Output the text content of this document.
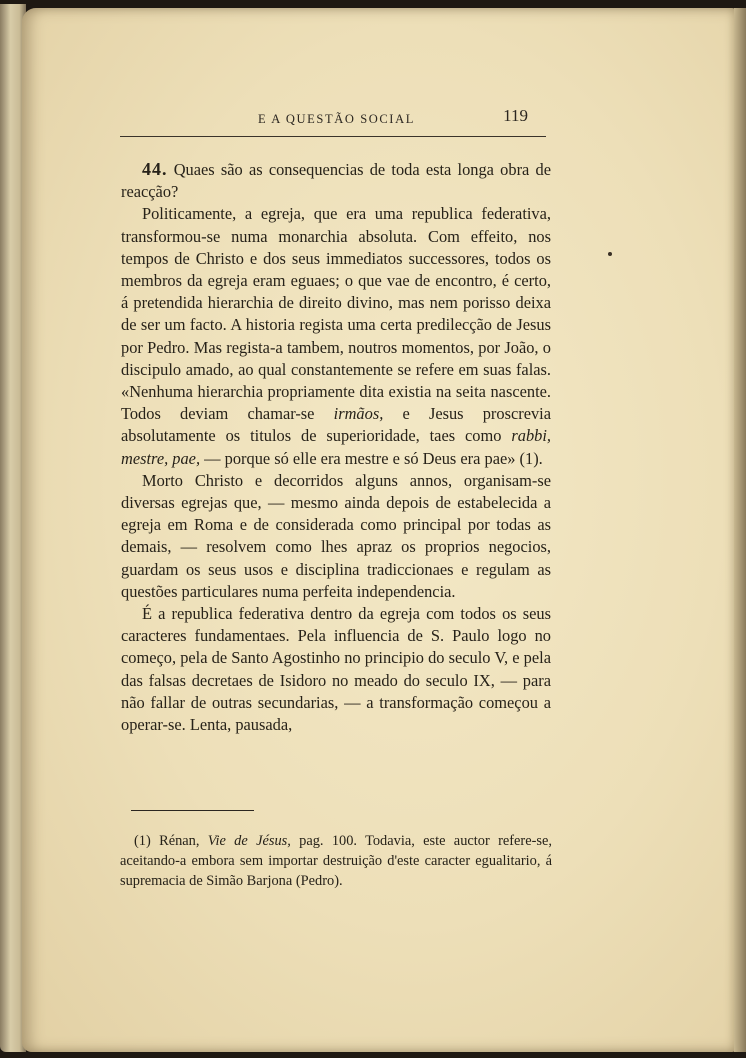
E A QUESTÃO SOCIAL	119

44. Quaes são as consequencias de toda esta longa obra de reacção?

Politicamente, a egreja, que era uma republica federativa, transformou-se numa monarchia absoluta. Com effeito, nos tempos de Christo e dos seus immediatos successores, todos os membros da egreja eram eguaes; o que vae de encontro, é certo, á pretendida hierarchia de direito divino, mas nem porisso deixa de ser um facto. A historia regista uma certa predilecção de Jesus por Pedro. Mas regista-a tambem, noutros momentos, por João, o discipulo amado, ao qual constantemente se refere em suas falas. «Nenhuma hierarchia propriamente dita existia na seita nascente. Todos deviam chamar-se irmãos, e Jesus proscrevia absolutamente os titulos de superioridade, taes como rabbi, mestre, pae, — porque só elle era mestre e só Deus era pae» (1).

Morto Christo e decorridos alguns annos, organisam-se diversas egrejas que, — mesmo ainda depois de estabelecida a egreja em Roma e de considerada como principal por todas as demais, — resolvem como lhes apraz os proprios negocios, guardam os seus usos e disciplina tradiccionaes e regulam as questões particulares numa perfeita independencia.

É a republica federativa dentro da egreja com todos os seus caracteres fundamentaes. Pela influencia de S. Paulo logo no começo, pela de Santo Agostinho no principio do seculo V, e pela das falsas decretaes de Isidoro no meado do seculo IX, — para não fallar de outras secundarias, — a transformação começou a operar-se. Lenta, pausada,

(1) Rénan, Vie de Jésus, pag. 100. Todavia, este auctor refere-se, aceitando-a embora sem importar destruição d'este caracter egualitario, á supremacia de Simão Barjona (Pedro).
